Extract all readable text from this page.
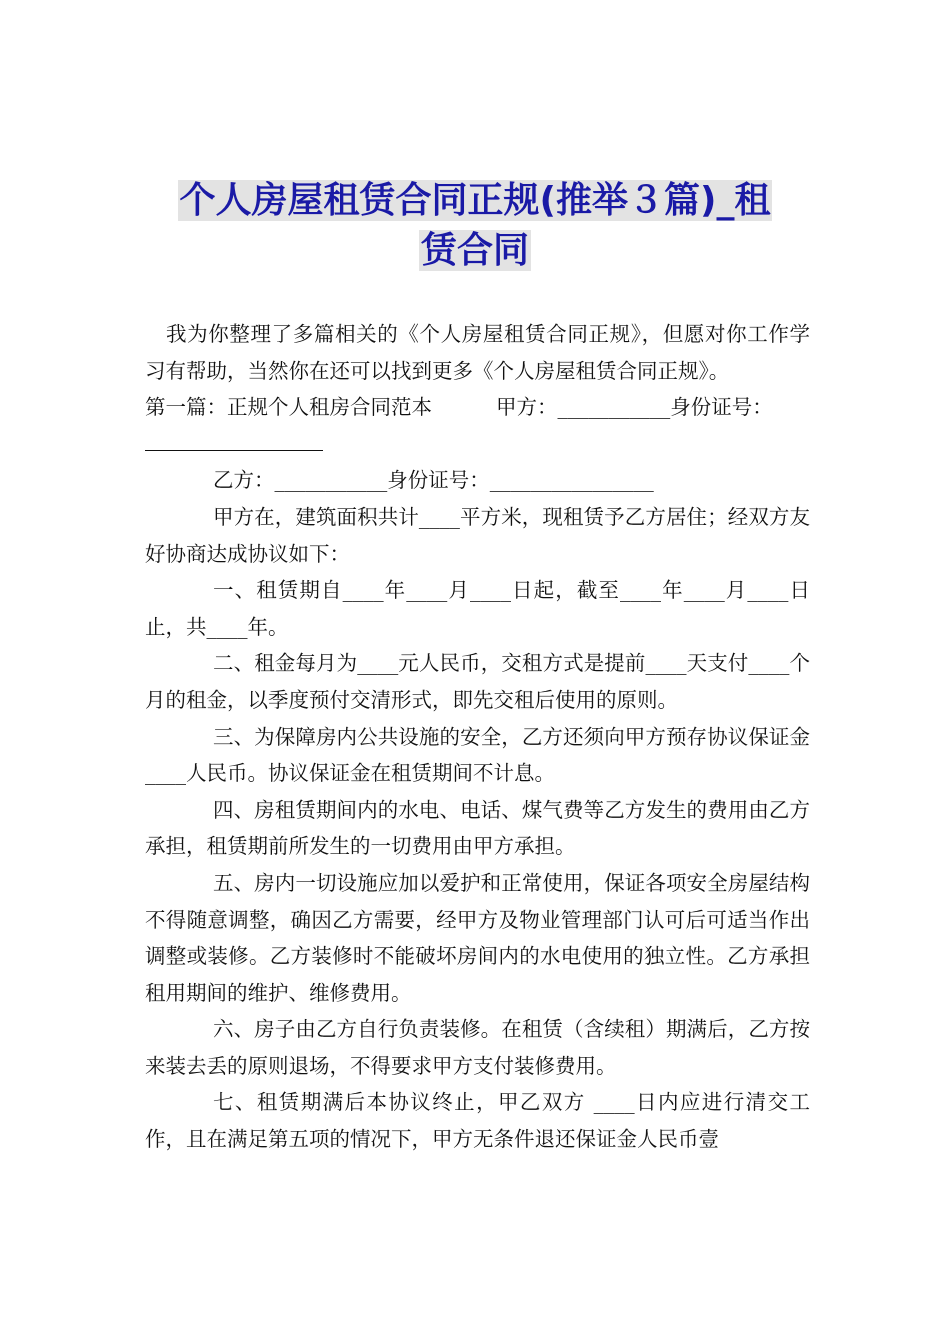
个人房屋租赁合同正规(推举３篇)_租
赁合同

我为你整理了多篇相关的《个人房屋租赁合同正规》，但愿对你工作学习有帮助，当然你在还可以找到更多《个人房屋租赁合同正规》。

第一篇：正规个人租房合同范本	甲方：___________身份证号：

乙方：___________身份证号：________________

甲方在，建筑面积共计____平方米，现租赁予乙方居住；经双方友好协商达成协议如下：

一、租赁期自____年____月____日起，截至____年____月____日止，共____年。

二、租金每月为____元人民币，交租方式是提前____天支付____个月的租金，以季度预付交清形式，即先交租后使用的原则。

三、为保障房内公共设施的安全，乙方还须向甲方预存协议保证金____人民币。协议保证金在租赁期间不计息。

四、房租赁期间内的水电、电话、煤气费等乙方发生的费用由乙方承担，租赁期前所发生的一切费用由甲方承担。

五、房内一切设施应加以爱护和正常使用，保证各项安全房屋结构不得随意调整，确因乙方需要，经甲方及物业管理部门认可后可适当作出调整或装修。乙方装修时不能破坏房间内的水电使用的独立性。乙方承担租用期间的维护、维修费用。

六、房子由乙方自行负责装修。在租赁（含续租）期满后，乙方按来装去丢的原则退场，不得要求甲方支付装修费用。

七、租赁期满后本协议终止，甲乙双方 ____日内应进行清交工作，且在满足第五项的情况下，甲方无条件退还保证金人民币壹
